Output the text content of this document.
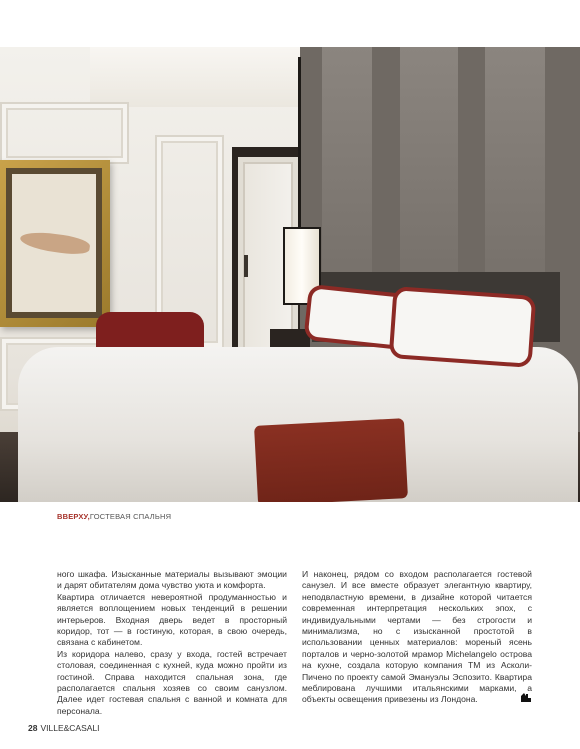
ВВЕРХУ,ГОСТЕВАЯ СПАЛЬНЯ

ного шкафа. Изысканные материалы вызывают эмоции и дарят обитателям дома чувство уюта и комфорта.

Квартира отличается невероятной продуманностью и является воплощением новых тенденций в решении интерьеров. Входная дверь ведет в просторный коридор, тот — в гостиную, которая, в свою очередь, связана с кабинетом.

Из коридора налево, сразу у входа, гостей встречает столовая, соединенная с кухней, куда можно пройти из гостиной. Справа находится спальная зона, где располагается спальня хозяев со своим санузлом. Далее идет гостевая спальня с ванной и комната для персонала.

И наконец, рядом со входом располагается гостевой санузел. И все вместе образует элегантную квартиру, неподвластную времени, в дизайне которой читается современная интерпретация нескольких эпох, с индивидуальными чертами — без строгости и минимализма, но с изысканной простотой в использовании ценных материалов: мореный ясень порталов и черно-золотой мрамор Michelangelo острова на кухне, создала которую компания ТМ из Асколи-Пичено по проекту самой Эмануэлы Эспозито. Квартира меблирована лучшими итальянскими марками, а объекты освещения привезены из Лондона.

28 VILLE&CASALI
